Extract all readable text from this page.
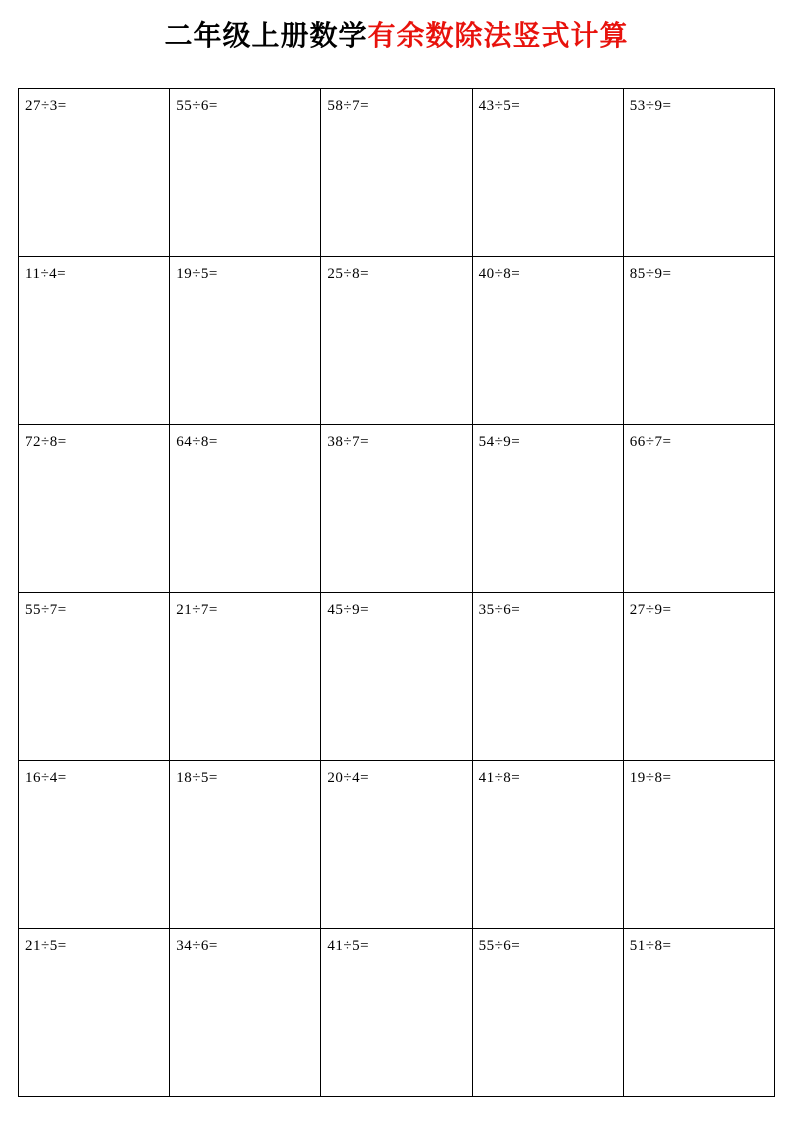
二年级上册数学有余数除法竖式计算
27÷3=	55÷6=	58÷7=	43÷5=	53÷9=

11÷4=	19÷5=	25÷8=	40÷8=	85÷9=

72÷8=	64÷8=	38÷7=	54÷9=	66÷7=

55÷7=	21÷7=	45÷9=	35÷6=	27÷9=

16÷4=	18÷5=	20÷4=	41÷8=	19÷8=

21÷5=	34÷6=	41÷5=	55÷6=	51÷8=
